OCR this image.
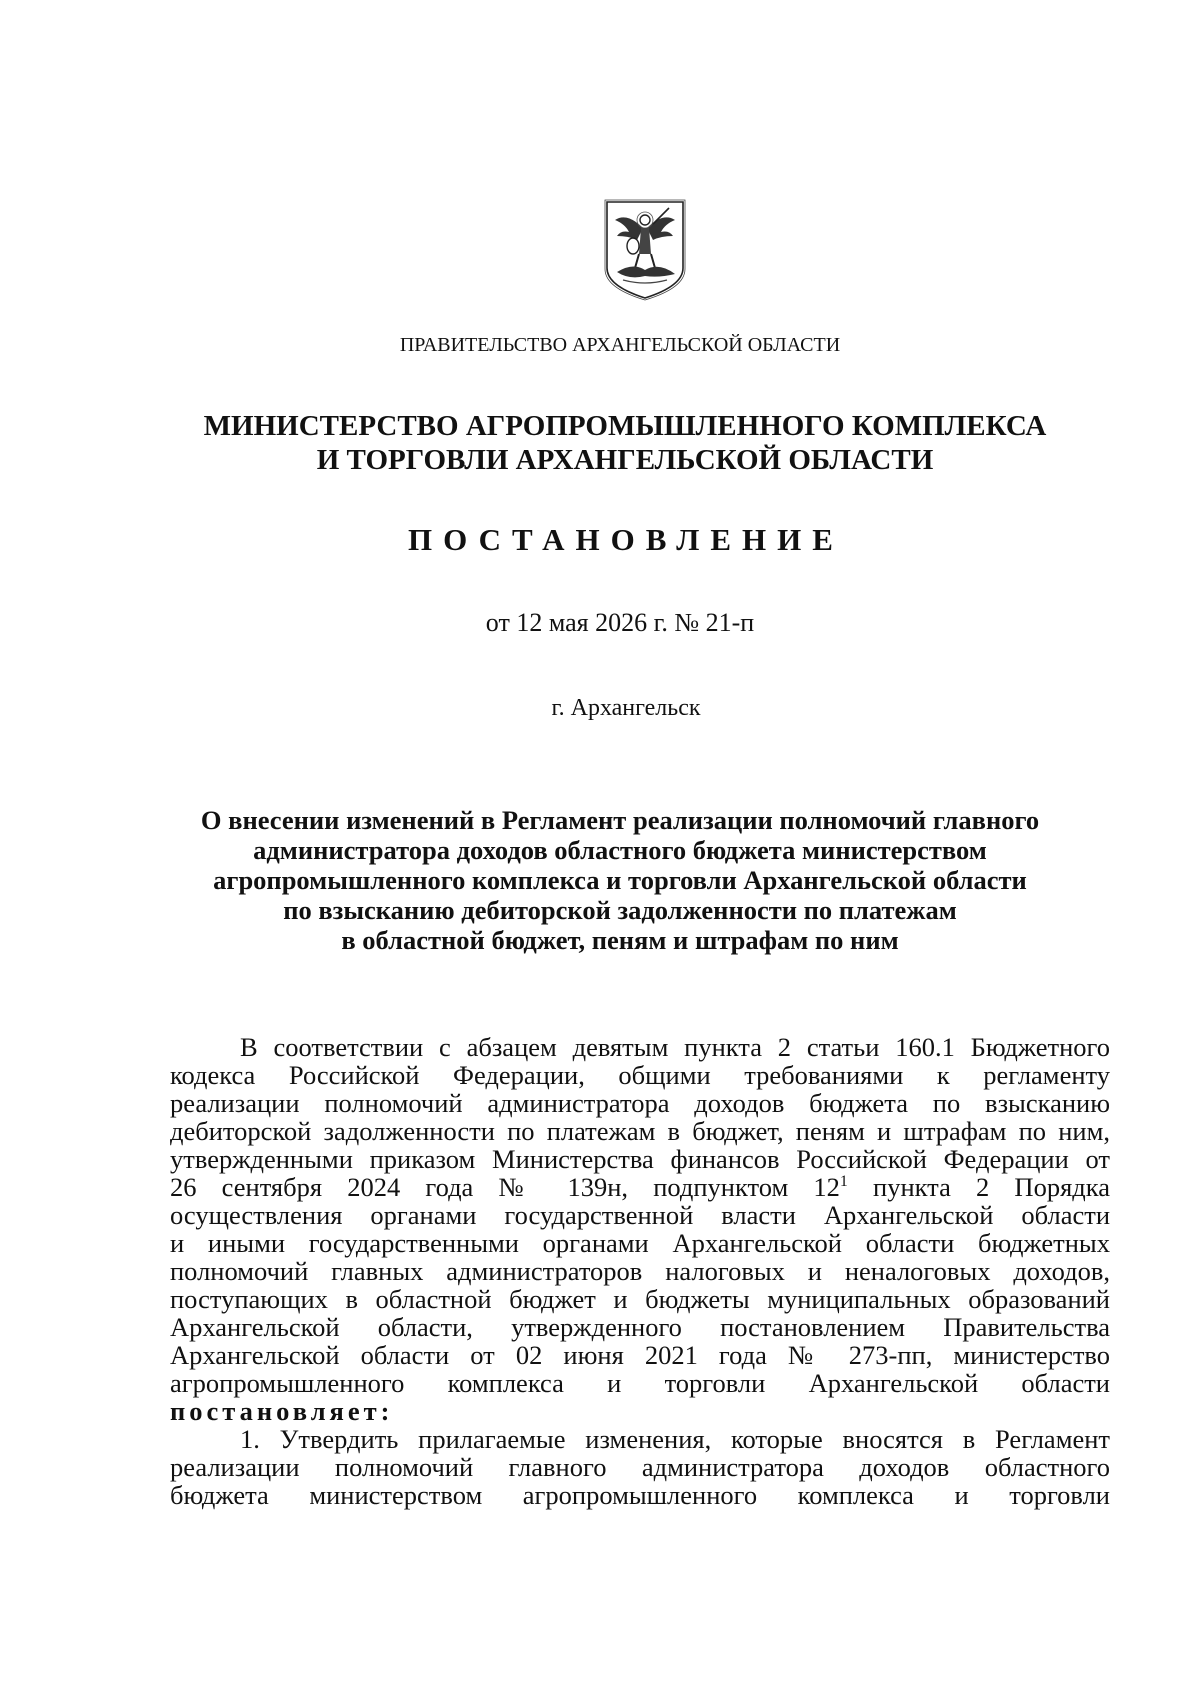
ПРАВИТЕЛЬСТВО АРХАНГЕЛЬСКОЙ ОБЛАСТИ
МИНИСТЕРСТВО АГРОПРОМЫШЛЕННОГО КОМПЛЕКСА
И ТОРГОВЛИ АРХАНГЕЛЬСКОЙ ОБЛАСТИ
ПОСТАНОВЛЕНИЕ
от 12 мая 2026 г. № 21-п
г. Архангельск
О внесении изменений в Регламент реализации полномочий главного
администратора доходов областного бюджета министерством
агропромышленного комплекса и торговли Архангельской области
по взысканию дебиторской задолженности по платежам
в областной бюджет, пеням и штрафам по ним
В соответствии с абзацем девятым пункта 2 статьи 160.1 Бюджетного
кодекса Российской Федерации, общими требованиями к регламенту
реализации полномочий администратора доходов бюджета по взысканию
дебиторской задолженности по платежам в бюджет, пеням и штрафам по ним,
утвержденными приказом Министерства финансов Российской Федерации от
26 сентября 2024 года № 139н, подпунктом $12^1$ пункта 2 Порядка
осуществления органами государственной власти Архангельской области
и иными государственными органами Архангельской области бюджетных
полномочий главных администраторов налоговых и неналоговых доходов,
поступающих в областной бюджет и бюджеты муниципальных образований
Архангельской области, утвержденного постановлением Правительства
Архангельской области от 02 июня 2021 года № 273-пп, министерство
агропромышленного комплекса и торговли Архангельской области
постановляет:
1. Утвердить прилагаемые изменения, которые вносятся в Регламент
реализации полномочий главного администратора доходов областного
бюджета министерством агропромышленного комплекса и торговли
